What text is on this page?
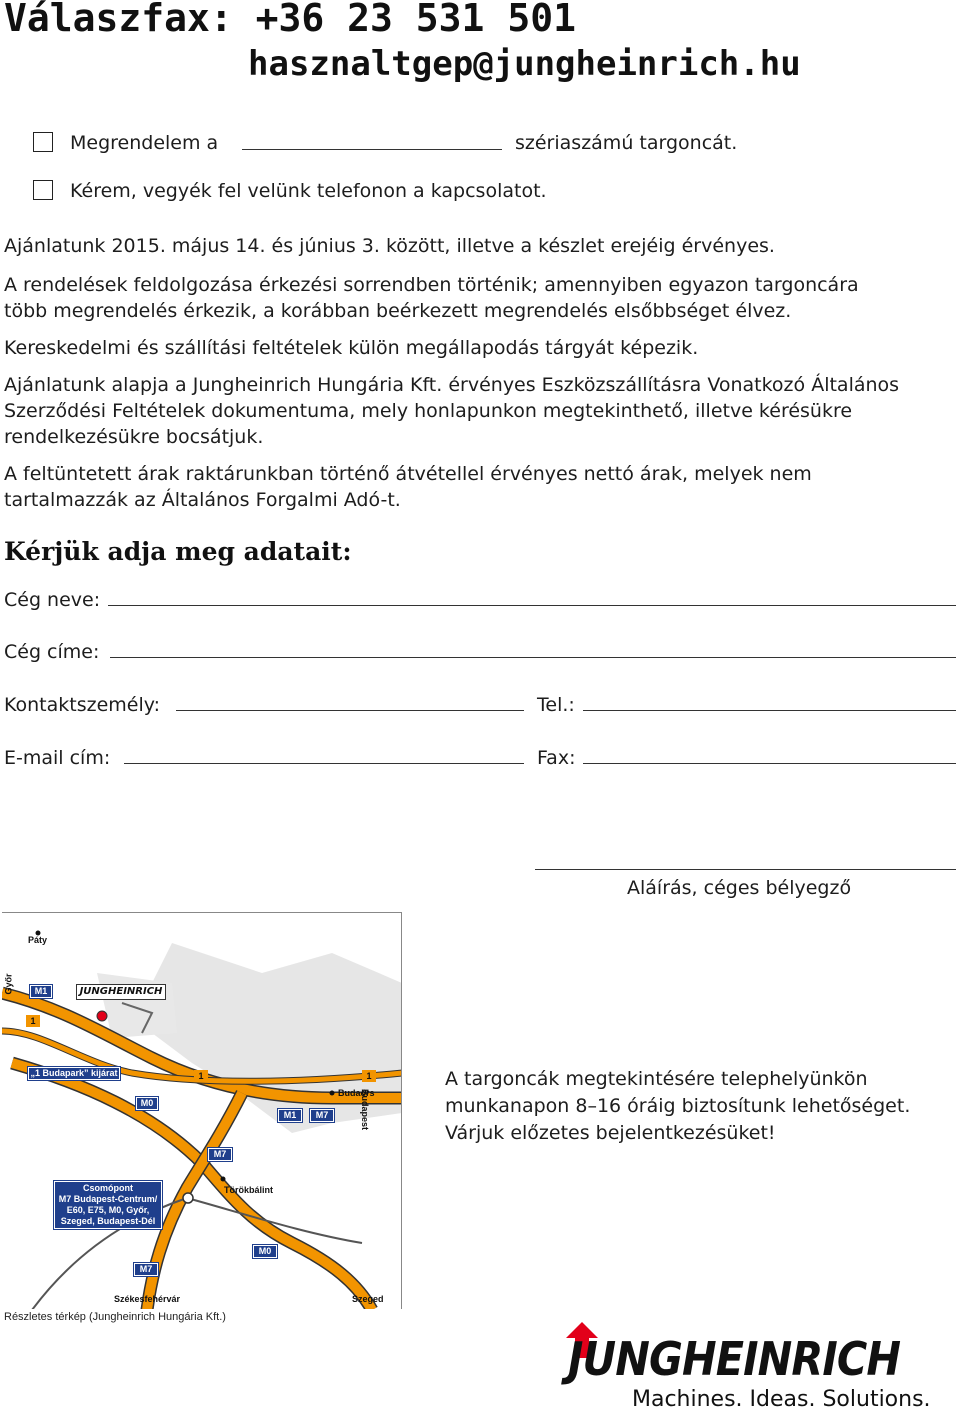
Válaszfax: +36 23 531 501
hasznaltgep@jungheinrich.hu
Megrendelem a	szériaszámú targoncát.
Kérem, vegyék fel velünk telefonon a kapcsolatot.
Ajánlatunk 2015. május 14. és június 3. között, illetve a készlet erejéig érvényes.
A rendelések feldolgozása érkezési sorrendben történik; amennyiben egyazon targoncára
több megrendelés érkezik, a korábban beérkezett megrendelés elsőbbséget élvez.
Kereskedelmi és szállítási feltételek külön megállapodás tárgyát képezik.
Ajánlatunk alapja a Jungheinrich Hungária Kft. érvényes Eszközszállításra Vonatkozó Általános
Szerződési Feltételek dokumentuma, mely honlapunkon megtekinthető, illetve kérésükre
rendelkezésükre bocsátjuk.
A feltüntetett árak raktárunkban történő átvétellel érvényes nettó árak, melyek nem
tartalmazzák az Általános Forgalmi Adó-t.
Kérjük adja meg adatait:
Cég neve:
Cég címe:
Kontaktszemély:	Tel.:
E-mail cím:	Fax:
Aláírás, céges bélyegző
Páty
Győr	M1	JUNGHEINRICH
1
„1 Budapark” kijárat	1	1
M0
Budaörs
M1	M7	Budapest
M7
Törökbálint
Csomópont
M7 Budapest-Centrum/
E60, E75, M0, Győr,
Szeged, Budapest-Dél
M0
M7
Székesfehérvár	Szeged
Részletes térkép (Jungheinrich Hungária Kft.)
A targoncák megtekintésére telephelyünkön
munkanapon 8–16 óráig biztosítunk lehetőséget.
Várjuk előzetes bejelentkezésüket!
JUNGHEINRICH
Machines. Ideas. Solutions.
